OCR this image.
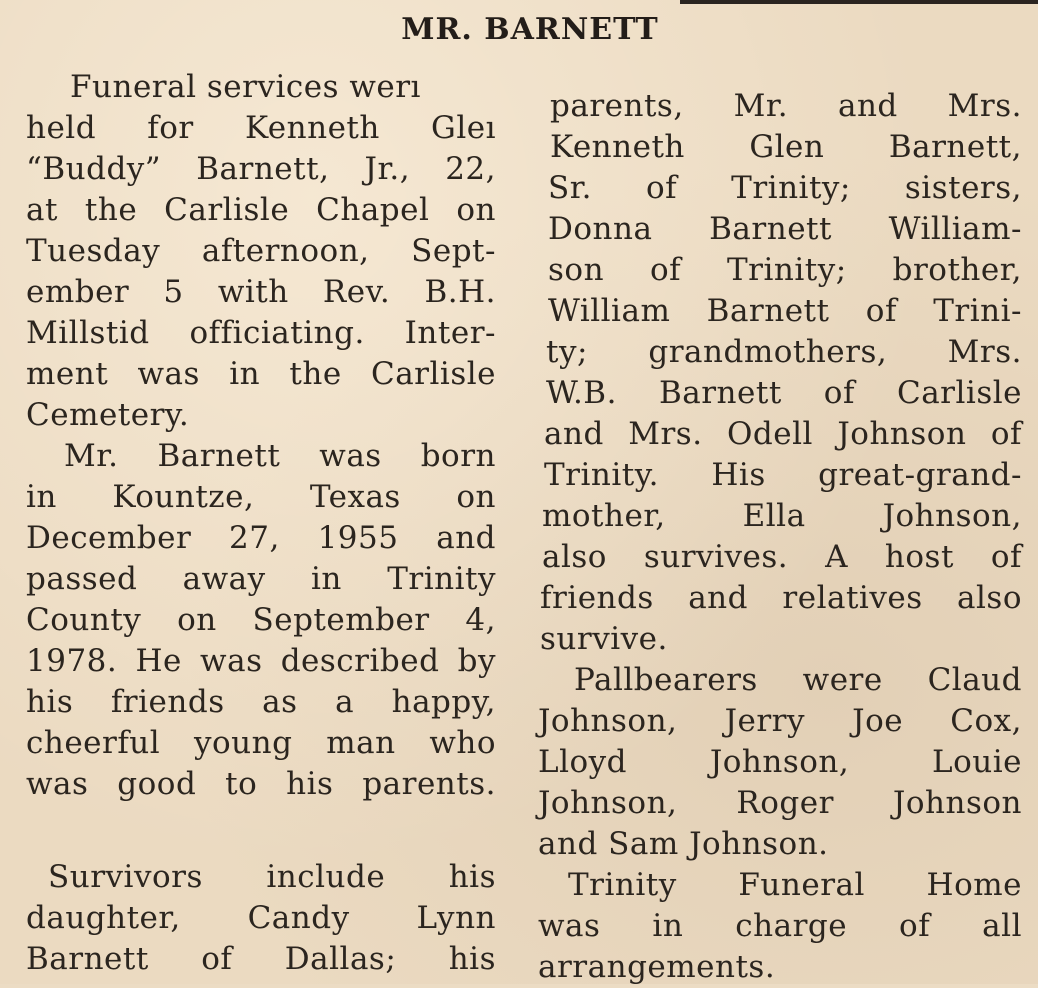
MR. BARNETT

Funeral services werı
held for Kenneth Gleı
“Buddy” Barnett, Jr., 22,
at the Carlisle Chapel on
Tuesday afternoon, Sept-
ember 5 with Rev. B.H.
Millstid officiating. Inter-
ment was in the Carlisle
Cemetery.

Mr. Barnett was born
in Kountze, Texas on
December 27, 1955 and
passed away in Trinity
County on September 4,
1978. He was described by
his friends as a happy,
cheerful young man who
was good to his parents.

Survivors include his
daughter, Candy Lynn
Barnett of Dallas; his

parents, Mr. and Mrs.
Kenneth Glen Barnett,
Sr. of Trinity; sisters,
Donna Barnett William-
son of Trinity; brother,
William Barnett of Trini-
ty; grandmothers, Mrs.
W.B. Barnett of Carlisle
and Mrs. Odell Johnson of
Trinity. His great-grand-
mother, Ella Johnson,
also survives. A host of
friends and relatives also
survive.

Pallbearers were Claud
Johnson, Jerry Joe Cox,
Lloyd Johnson, Louie
Johnson, Roger Johnson
and Sam Johnson.

Trinity Funeral Home
was in charge of all
arrangements.
